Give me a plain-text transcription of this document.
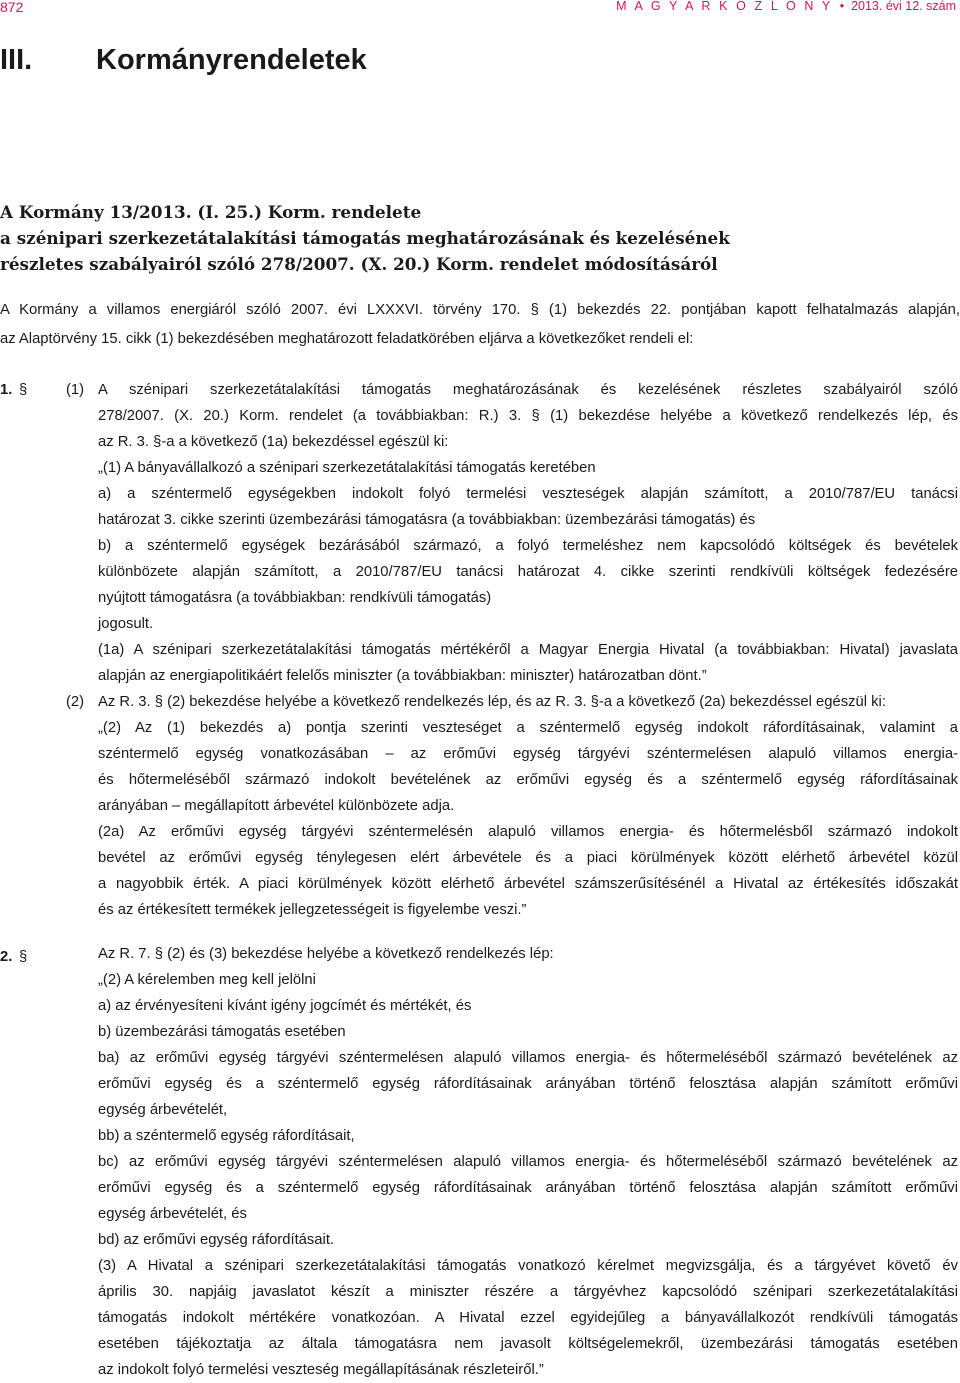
872	M A G Y A R K Ö Z L Ö N Y  •  2013. évi 12. szám
III. Kormányrendeletek
A Kormány 13/2013. (I. 25.) Korm. rendelete
a szénipari szerkezetátalakítási támogatás meghatározásának és kezelésének
részletes szabályairól szóló 278/2007. (X. 20.) Korm. rendelet módosításáról
A Kormány a villamos energiáról szóló 2007. évi LXXXVI. törvény 170. § (1) bekezdés 22. pontjában kapott felhatalmazás alapján,
az Alaptörvény 15. cikk (1) bekezdésében meghatározott feladatkörében eljárva a következőket rendeli el:
1. §	(1) A szénipari szerkezetátalakítási támogatás meghatározásának és kezelésének részletes szabályairól szóló
278/2007. (X. 20.) Korm. rendelet (a továbbiakban: R.) 3. § (1) bekezdése helyébe a következő rendelkezés lép, és
az R. 3. §-a a következő (1a) bekezdéssel egészül ki:
„(1) A bányavállalkozó a szénipari szerkezetátalakítási támogatás keretében
a) a széntermelő egységekben indokolt folyó termelési veszteségek alapján számított, a 2010/787/EU tanácsi
határozat 3. cikke szerinti üzembezárási támogatásra (a továbbiakban: üzembezárási támogatás) és
b) a széntermelő egységek bezárásából származó, a folyó termeléshez nem kapcsolódó költségek és bevételek
különbözete alapján számított, a 2010/787/EU tanácsi határozat 4. cikke szerinti rendkívüli költségek fedezésére
nyújtott támogatásra (a továbbiakban: rendkívüli támogatás)
jogosult.
(1a) A szénipari szerkezetátalakítási támogatás mértékéről a Magyar Energia Hivatal (a továbbiakban: Hivatal) javaslata
alapján az energiapolitikáért felelős miniszter (a továbbiakban: miniszter) határozatban dönt.”
(2) Az R. 3. § (2) bekezdése helyébe a következő rendelkezés lép, és az R. 3. §-a a következő (2a) bekezdéssel egészül ki:
„(2) Az (1) bekezdés a) pontja szerinti veszteséget a széntermelő egység indokolt ráfordításainak, valamint a
széntermelő egység vonatkozásában – az erőművi egység tárgyévi széntermelésen alapuló villamos energia-
és hőtermeléséből származó indokolt bevételének az erőművi egység és a széntermelő egység ráfordításainak
arányában – megállapított árbevétel különbözete adja.
(2a) Az erőművi egység tárgyévi széntermelésén alapuló villamos energia- és hőtermelésből származó indokolt
bevétel az erőművi egység ténylegesen elért árbevétele és a piaci körülmények között elérhető árbevétel közül
a nagyobbik érték. A piaci körülmények között elérhető árbevétel számszerűsítésénél a Hivatal az értékesítés időszakát
és az értékesített termékek jellegzetességeit is figyelembe veszi.”
2. §	Az R. 7. § (2) és (3) bekezdése helyébe a következő rendelkezés lép:
„(2) A kérelemben meg kell jelölni
a) az érvényesíteni kívánt igény jogcímét és mértékét, és
b) üzembezárási támogatás esetében
ba) az erőművi egység tárgyévi széntermelésen alapuló villamos energia- és hőtermeléséből származó bevételének az
erőművi egység és a széntermelő egység ráfordításainak arányában történő felosztása alapján számított erőművi
egység árbevételét,
bb) a széntermelő egység ráfordításait,
bc) az erőművi egység tárgyévi széntermelésen alapuló villamos energia- és hőtermeléséből származó bevételének az
erőművi egység és a széntermelő egység ráfordításainak arányában történő felosztása alapján számított erőművi
egység árbevételét, és
bd) az erőművi egység ráfordításait.
(3) A Hivatal a szénipari szerkezetátalakítási támogatás vonatkozó kérelmet megvizsgálja, és a tárgyévet követő év
április 30. napjáig javaslatot készít a miniszter részére a tárgyévhez kapcsolódó szénipari szerkezetátalakítási
támogatás indokolt mértékére vonatkozóan. A Hivatal ezzel egyidejűleg a bányavállalkozót rendkívüli támogatás
esetében tájékoztatja az általa támogatásra nem javasolt költségelemekről, üzembezárási támogatás esetében
az indokolt folyó termelési veszteség megállapításának részleteiről.”
